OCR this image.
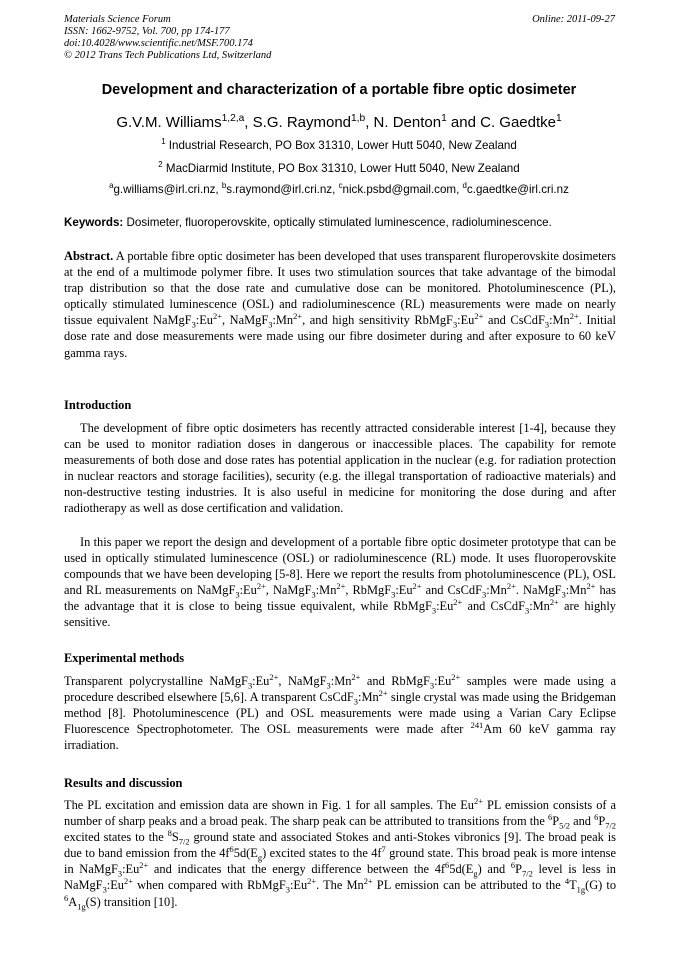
Materials Science Forum
ISSN: 1662-9752, Vol. 700, pp 174-177
doi:10.4028/www.scientific.net/MSF.700.174
© 2012 Trans Tech Publications Ltd, Switzerland
Online: 2011-09-27
Development and characterization of a portable fibre optic dosimeter
G.V.M. Williams$^{1,2,a}$, S.G. Raymond$^{1,b}$, N. Denton$^1$ and C. Gaedtke$^1$
$^1$ Industrial Research, PO Box 31310, Lower Hutt 5040, New Zealand
$^2$ MacDiarmid Institute, PO Box 31310, Lower Hutt 5040, New Zealand
$^a$g.williams@irl.cri.nz, $^b$s.raymond@irl.cri.nz, $^c$nick.psbd@gmail.com, $^d$c.gaedtke@irl.cri.nz
Keywords: Dosimeter, fluoroperovskite, optically stimulated luminescence, radioluminescence.
Abstract. A portable fibre optic dosimeter has been developed that uses transparent fluroperovskite dosimeters at the end of a multimode polymer fibre. It uses two stimulation sources that take advantage of the bimodal trap distribution so that the dose rate and cumulative dose can be monitored. Photoluminescence (PL), optically stimulated luminescence (OSL) and radioluminescence (RL) measurements were made on nearly tissue equivalent $NaMgF_3:Eu^{2+}$, $NaMgF_3:Mn^{2+}$, and high sensitivity $RbMgF_3:Eu^{2+}$ and $CsCdF_3:Mn^{2+}$. Initial dose rate and dose measurements were made using our fibre dosimeter during and after exposure to 60 keV gamma rays.
Introduction
The development of fibre optic dosimeters has recently attracted considerable interest [1-4], because they can be used to monitor radiation doses in dangerous or inaccessible places. The capability for remote measurements of both dose and dose rates has potential application in the nuclear (e.g. for radiation protection in nuclear reactors and storage facilities), security (e.g. the illegal transportation of radioactive materials) and non-destructive testing industries. It is also useful in medicine for monitoring the dose during and after radiotherapy as well as dose certification and validation.
In this paper we report the design and development of a portable fibre optic dosimeter prototype that can be used in optically stimulated luminescence (OSL) or radioluminescence (RL) mode. It uses fluoroperovskite compounds that we have been developing [5-8]. Here we report the results from photoluminescence (PL), OSL and RL measurements on $NaMgF_3:Eu^{2+}$, $NaMgF_3:Mn^{2+}$, $RbMgF_3:Eu^{2+}$ and $CsCdF_3:Mn^{2+}$. $NaMgF_3:Mn^{2+}$ has the advantage that it is close to being tissue equivalent, while $RbMgF_3:Eu^{2+}$ and $CsCdF_3:Mn^{2+}$ are highly sensitive.
Experimental methods
Transparent polycrystalline $NaMgF_3:Eu^{2+}$, $NaMgF_3:Mn^{2+}$ and $RbMgF_3:Eu^{2+}$ samples were made using a procedure described elsewhere [5,6]. A transparent $CsCdF_3:Mn^{2+}$ single crystal was made using the Bridgeman method [8]. Photoluminescence (PL) and OSL measurements were made using a Varian Cary Eclipse Fluorescence Spectrophotometer. The OSL measurements were made after $^{241}$Am 60 keV gamma ray irradiation.
Results and discussion
The PL excitation and emission data are shown in Fig. 1 for all samples. The $Eu^{2+}$ PL emission consists of a number of sharp peaks and a broad peak. The sharp peak can be attributed to transitions from the $^6P_{5/2}$ and $^6P_{7/2}$ excited states to the $^8S_{7/2}$ ground state and associated Stokes and anti-Stokes vibronics [9]. The broad peak is due to band emission from the $4f^65d(E_g)$ excited states to the $4f^7$ ground state. This broad peak is more intense in $NaMgF_3:Eu^{2+}$ and indicates that the energy difference between the $4f^65d(E_g)$ and $^6P_{7/2}$ level is less in $NaMgF_3:Eu^{2+}$ when compared with $RbMgF_3:Eu^{2+}$. The $Mn^{2+}$ PL emission can be attributed to the $^4T_{1g}(G)$ to $^6A_{1g}(S)$ transition [10].
